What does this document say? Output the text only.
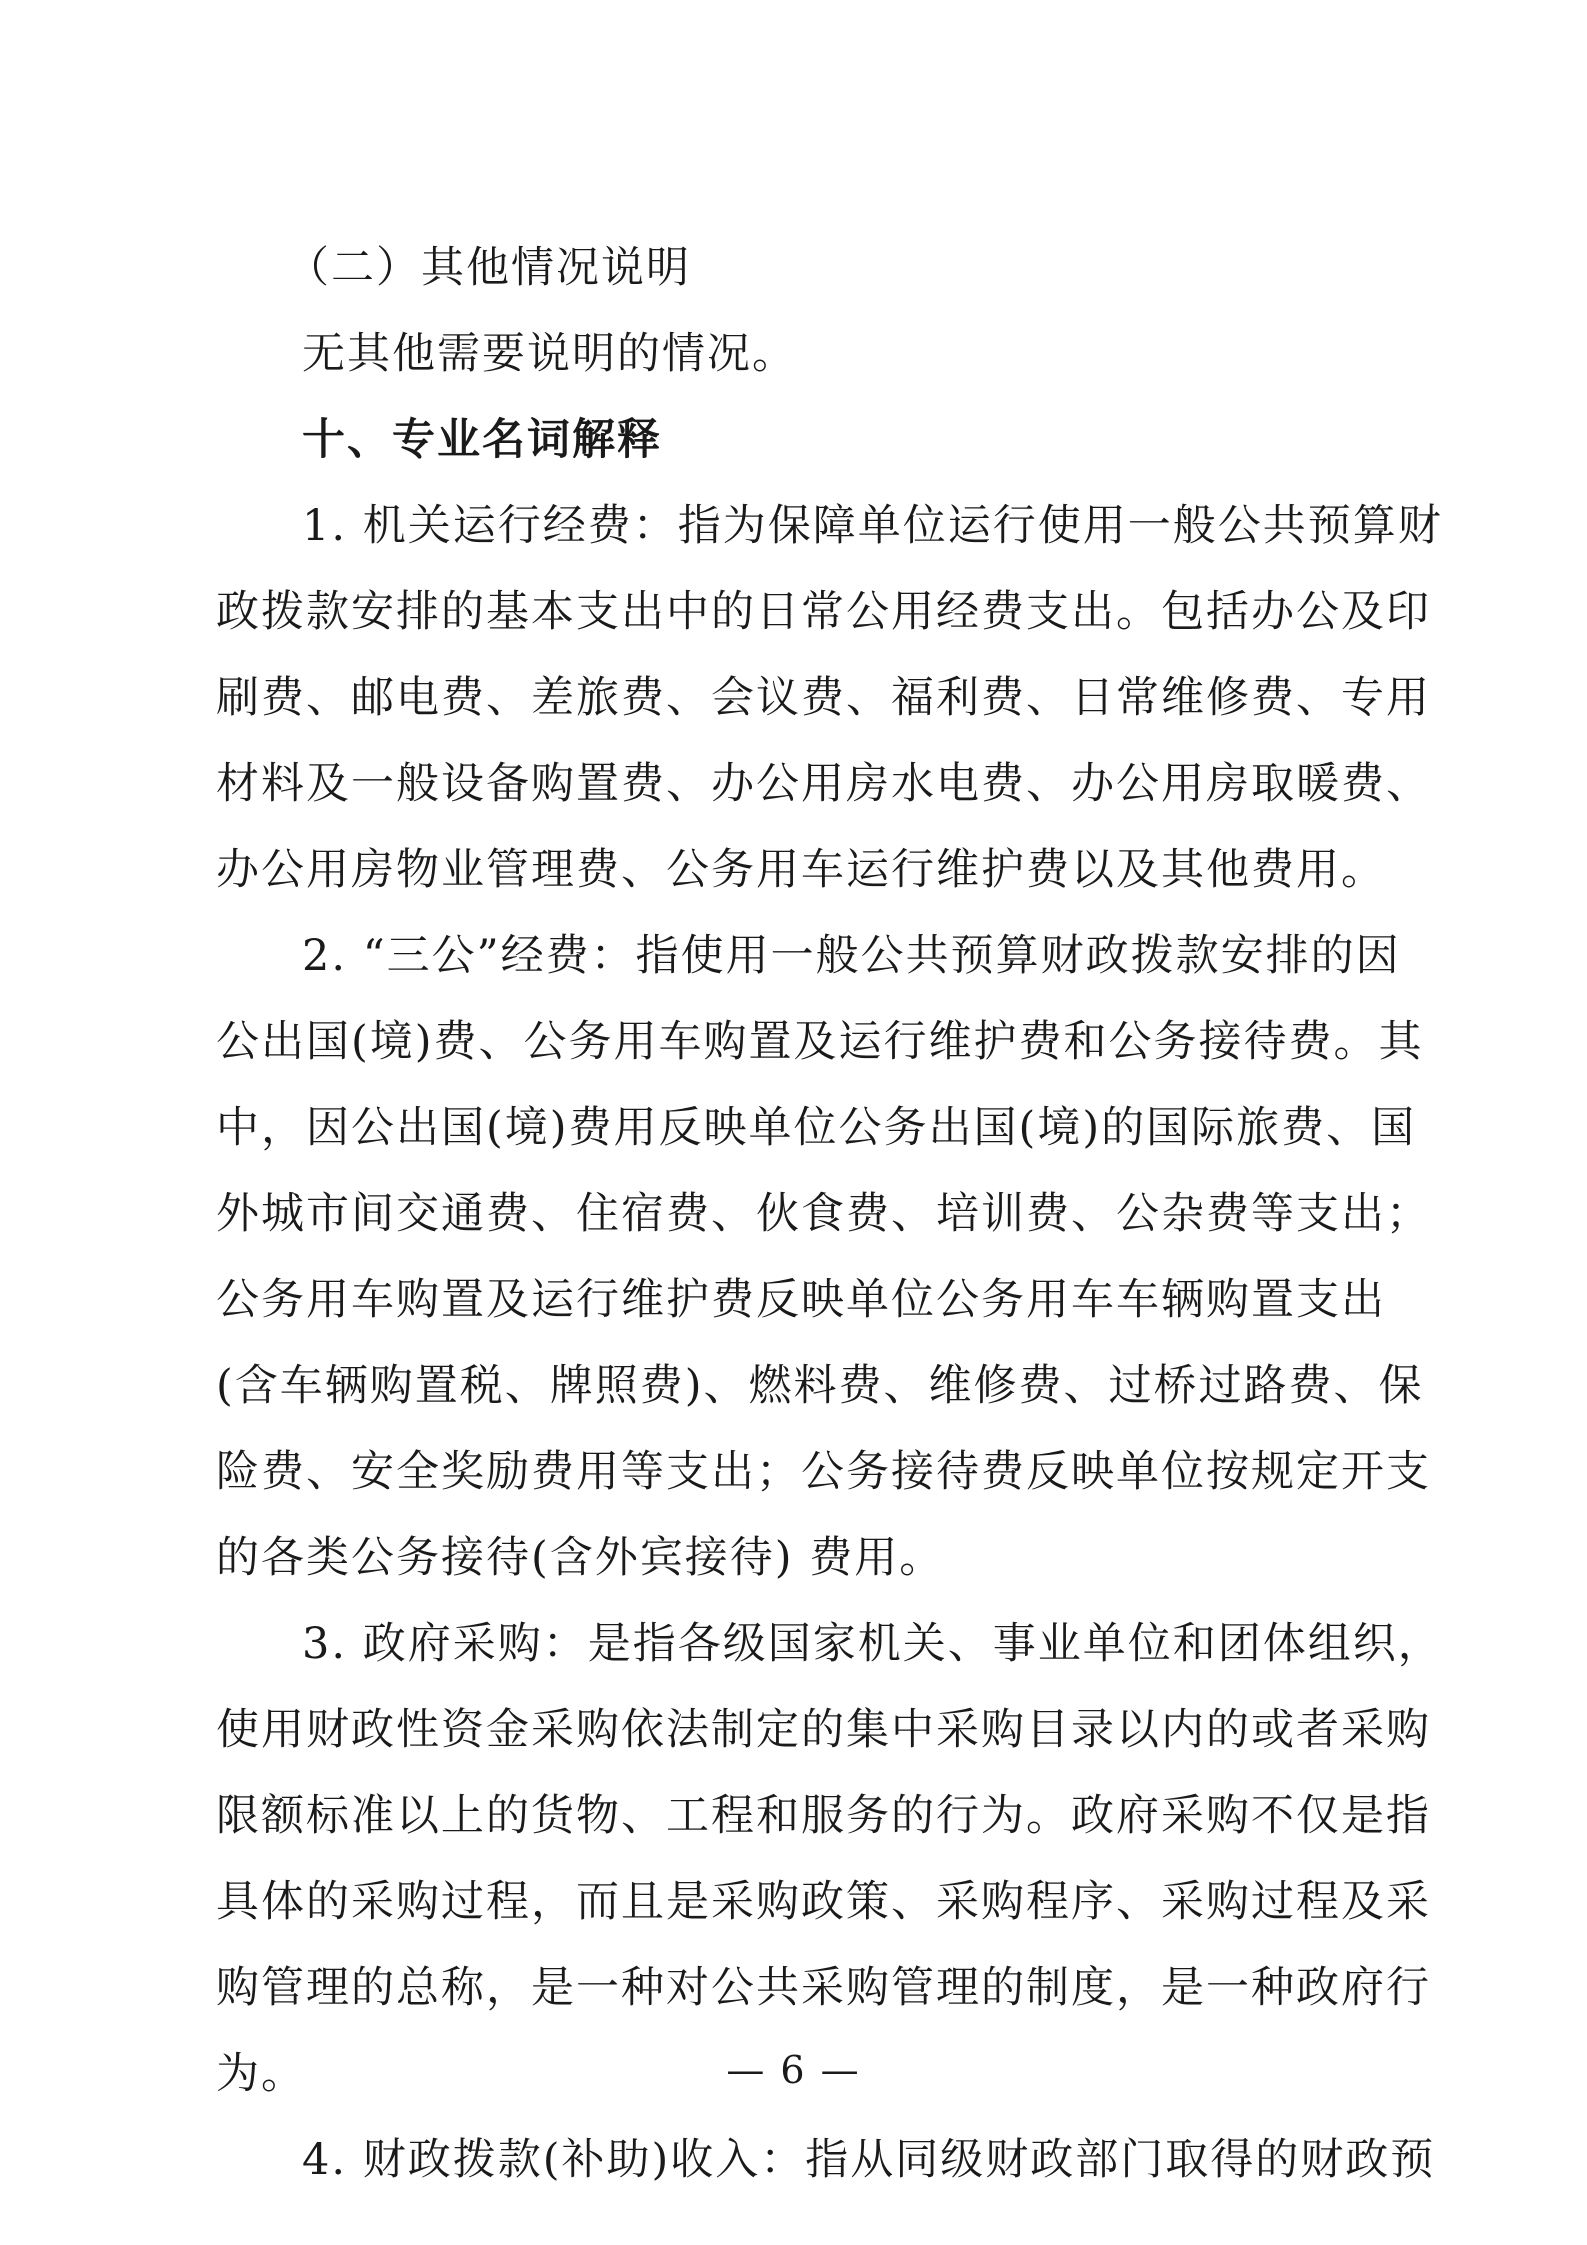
（二）其他情况说明
无其他需要说明的情况。
十、专业名词解释
1. 机关运行经费：指为保障单位运行使用一般公共预算财
政拨款安排的基本支出中的日常公用经费支出。包括办公及印
刷费、邮电费、差旅费、会议费、福利费、日常维修费、专用
材料及一般设备购置费、办公用房水电费、办公用房取暖费、
办公用房物业管理费、公务用车运行维护费以及其他费用。
2. “三公”经费：指使用一般公共预算财政拨款安排的因
公出国(境)费、公务用车购置及运行维护费和公务接待费。其
中，因公出国(境)费用反映单位公务出国(境)的国际旅费、国
外城市间交通费、住宿费、伙食费、培训费、公杂费等支出；
公务用车购置及运行维护费反映单位公务用车车辆购置支出
(含车辆购置税、牌照费)、燃料费、维修费、过桥过路费、保
险费、安全奖励费用等支出；公务接待费反映单位按规定开支
的各类公务接待(含外宾接待) 费用。
3. 政府采购：是指各级国家机关、事业单位和团体组织，
使用财政性资金采购依法制定的集中采购目录以内的或者采购
限额标准以上的货物、工程和服务的行为。政府采购不仅是指
具体的采购过程，而且是采购政策、采购程序、采购过程及采
购管理的总称，是一种对公共采购管理的制度，是一种政府行
为。
4. 财政拨款(补助)收入：指从同级财政部门取得的财政预
— 6 —
